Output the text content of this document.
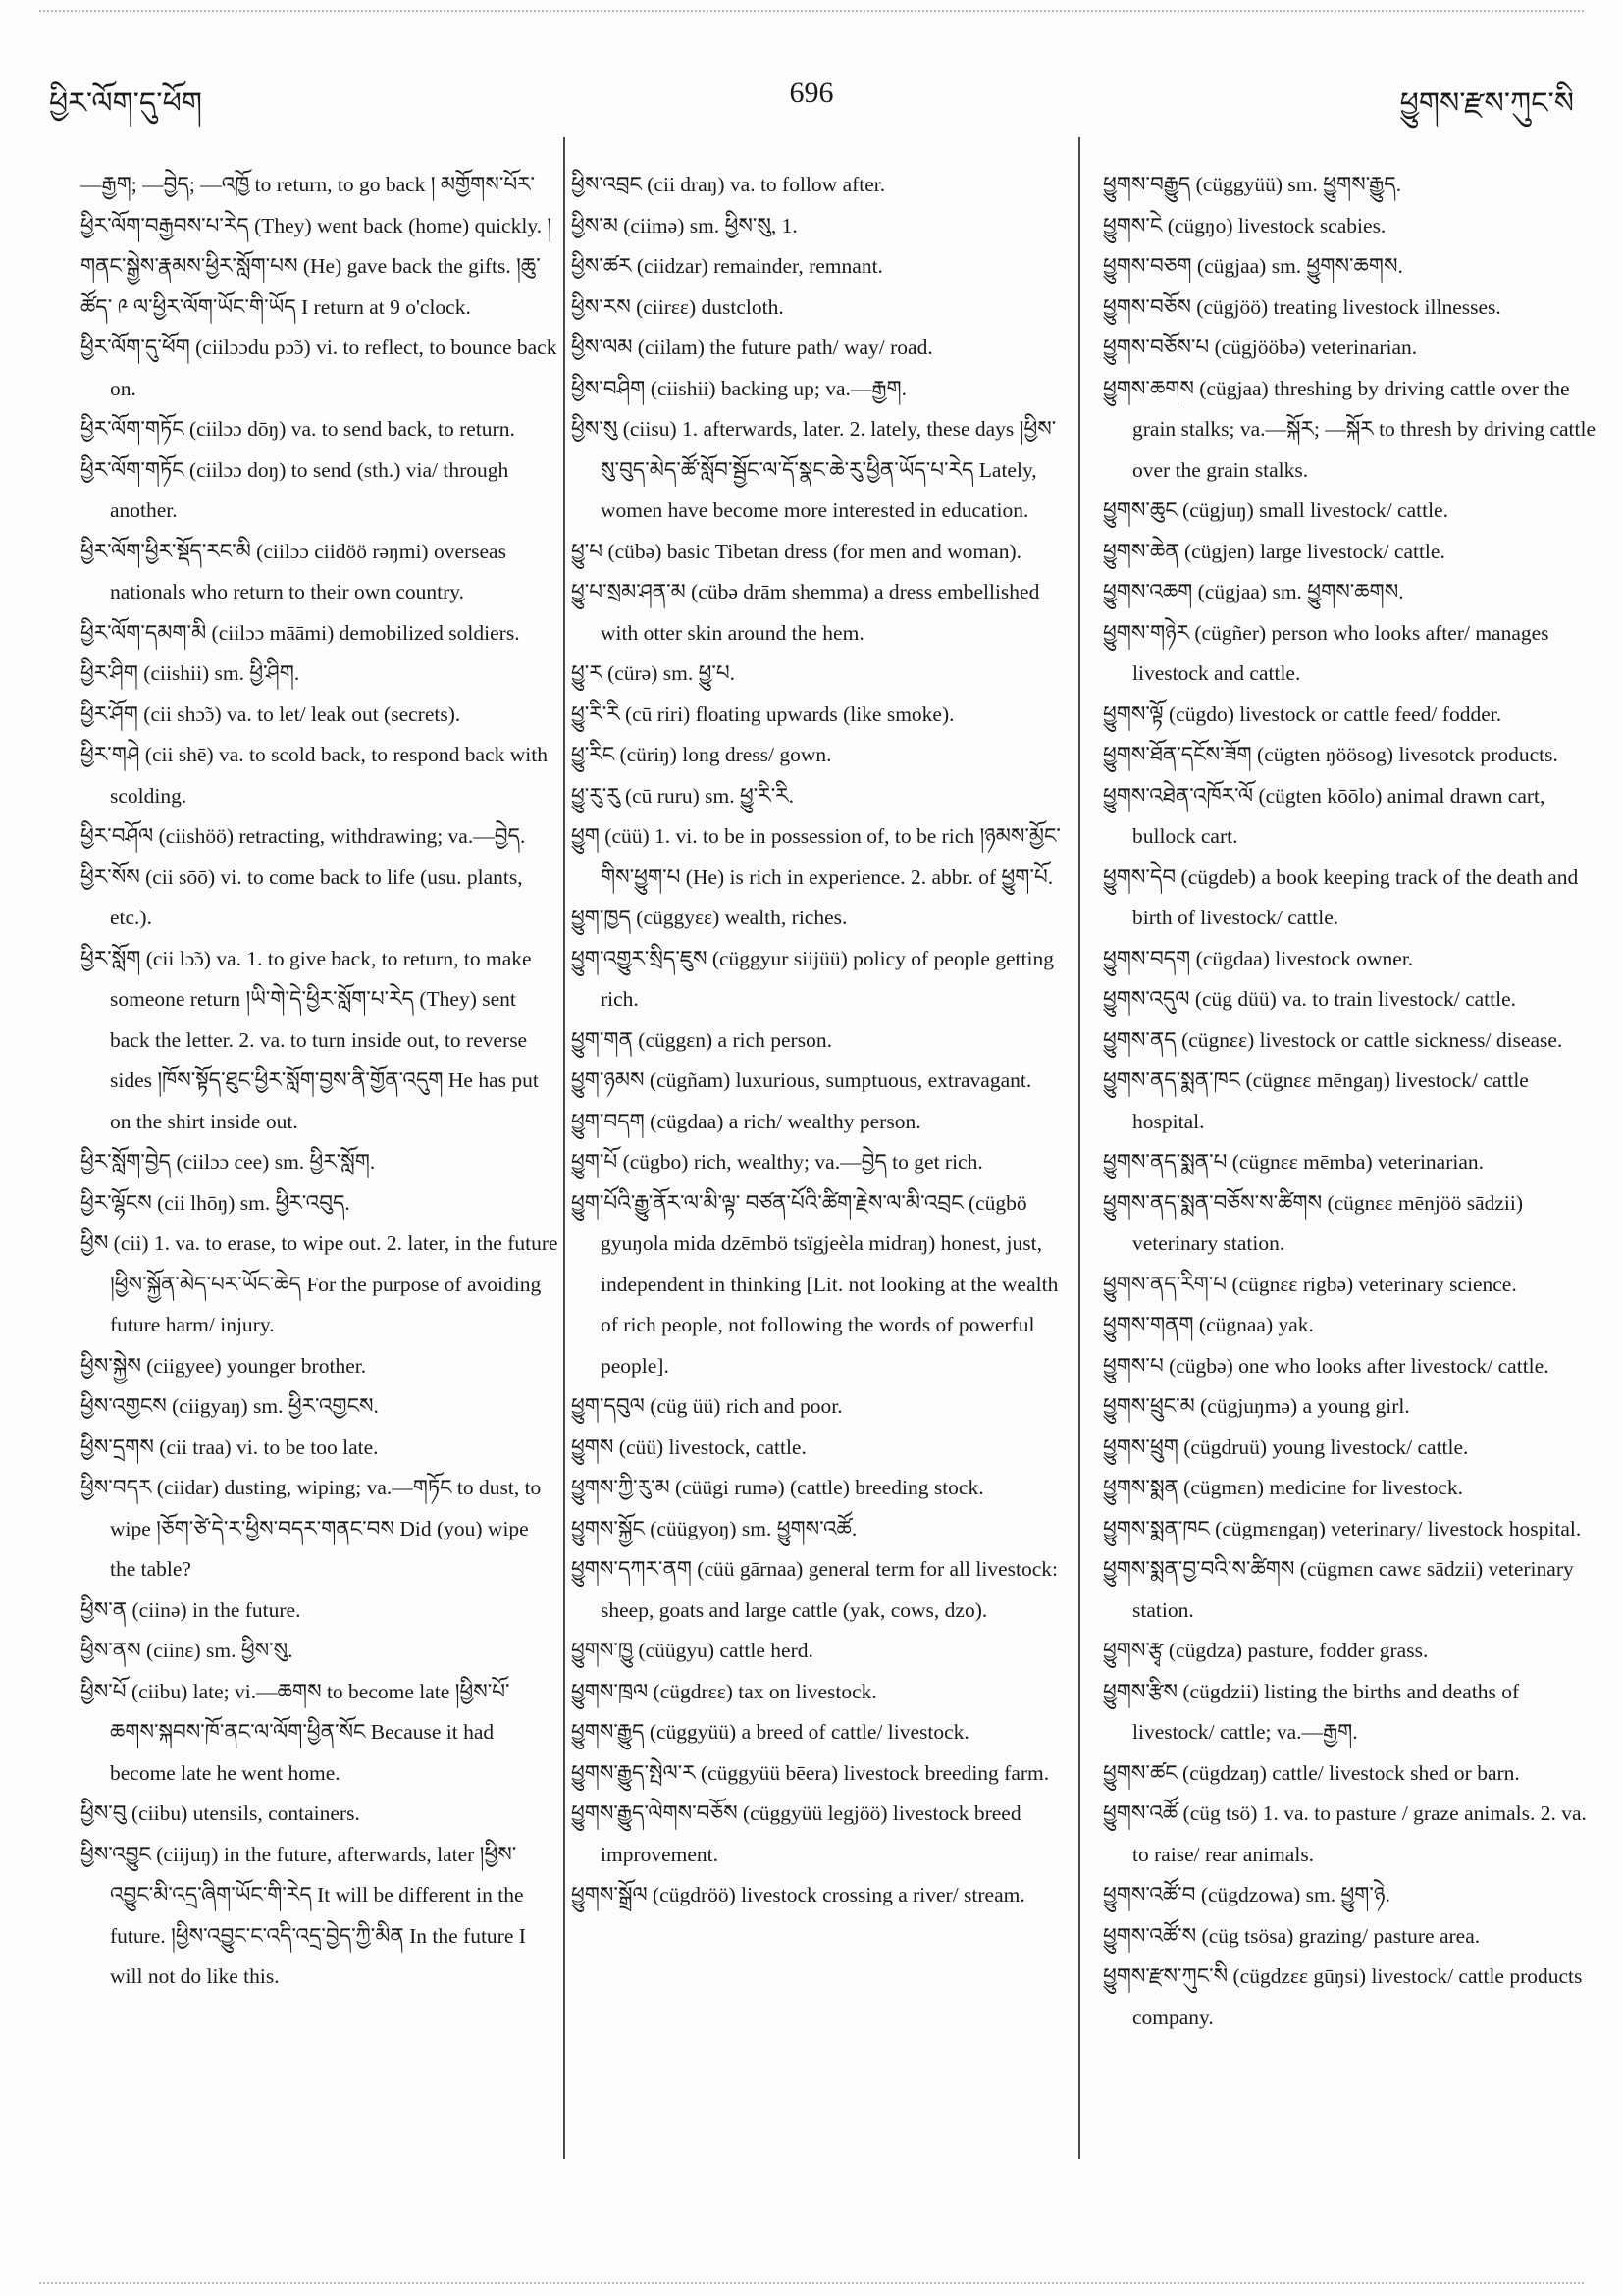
ཕྱིར་ལོག་དུ་ཕོག	696	ཕྱུགས་རྫས་ཀུང་སི

—རྒྱག; —བྱེད; —འཁྱོ to return, to go back ། མགྱོགས་པོར་ཕྱིར་ལོག་བརྒྱབས་པ་རེད (They) went back (home) quickly. །གནང་སྒྱེས་རྣམས་ཕྱིར་སློག་པས (He) gave back the gifts. །ཆུ་ཚོད་ ༩ ལ་ཕྱིར་ལོག་ཡོང་གི་ཡོད I return at 9 o'clock.

ཕྱིར་ལོག་དུ་ཕོག (ciilɔɔdu pɔ̃ɔ) vi. to reflect, to bounce back on.

ཕྱིར་ལོག་གཏོང (ciilɔɔ dōŋ) va. to send back, to return.

ཕྱིར་ལོག་གཏོང (ciilɔɔ doŋ) to send (sth.) via/ through another.

ཕྱིར་ལོག་ཕྱིར་སྡོད་རང་མི (ciilɔɔ ciidöö rəŋmi) overseas nationals who return to their own country.

ཕྱིར་ལོག་དམག་མི (ciilɔɔ māāmi) demobilized soldiers.

ཕྱིར་ཤིག (ciishii) sm. ཕྱི་ཤིག.

ཕྱིར་ཤོག (cii shɔ̃ɔ) va. to let/ leak out (secrets).

ཕྱིར་གཤེ (cii shē) va. to scold back, to respond back with scolding.

ཕྱིར་བཤོལ (ciishöö) retracting, withdrawing; va.—བྱེད.

ཕྱིར་སོས (cii sōō) vi. to come back to life (usu. plants, etc.).

ཕྱིར་སློག (cii lɔ̃ɔ) va. 1. to give back, to return, to make someone return །ཡི་གེ་དེ་ཕྱིར་སློག་པ་རེད (They) sent back the letter. 2. va. to turn inside out, to reverse sides །ཁོས་སྟོད་ཐུང་ཕྱིར་སློག་བྱས་ནི་གྱོན་འདུག He has put on the shirt inside out.

ཕྱིར་སློག་བྱེད (ciilɔɔ cee) sm. ཕྱིར་སློག.

ཕྱིར་ལྷོངས (cii lhōŋ) sm. ཕྱིར་འབུད.

ཕྱིས (cii) 1. va. to erase, to wipe out. 2. later, in the future །ཕྱིས་སྐྱོན་མེད་པར་ཡོང་ཆེད For the purpose of avoiding future harm/ injury.

ཕྱིས་སྐྱེས (ciigyee) younger brother.

ཕྱིས་འགྱངས (ciigyaŋ) sm. ཕྱིར་འགྱངས.

ཕྱིས་དྲགས (cii traa) vi. to be too late.

ཕྱིས་བདར (ciidar) dusting, wiping; va.—གཏོང to dust, to wipe །ཅོག་ཙེ་དེ་ར་ཕྱིས་བདར་གནང་བས Did (you) wipe the table?

ཕྱིས་ན (ciinə) in the future.

ཕྱིས་ནས (ciinɛ) sm. ཕྱིས་སུ.

ཕྱིས་པོ (ciibu) late; vi.—ཆགས to become late །ཕྱིས་པོ་ཆགས་སྐབས་ཁོ་ནང་ལ་ལོག་ཕྱིན་སོང Because it had become late he went home.

ཕྱིས་བུ (ciibu) utensils, containers.

ཕྱིས་འབྱུང (ciijuŋ) in the future, afterwards, later །ཕྱིས་འབྱུང་མི་འདྲ་ཞིག་ཡོང་གི་རེད It will be different in the future. །ཕྱིས་འབྱུང་ང་འདི་འདྲ་བྱེད་ཀྱི་མིན In the future I will not do like this.

ཕྱིས་འབྲང (cii draŋ) va. to follow after.

ཕྱིས་མ (ciimə) sm. ཕྱིས་སུ, 1.

ཕྱིས་ཚར (ciidzar) remainder, remnant.

ཕྱིས་རས (ciirɛɛ) dustcloth.

ཕྱིས་ལམ (ciilam) the future path/ way/ road.

ཕྱིས་བཤིག (ciishii) backing up; va.—རྒྱག.

ཕྱིས་སུ (ciisu) 1. afterwards, later. 2. lately, these days །ཕྱིས་སུ་བུད་མེད་ཚོ་སློབ་སྦྱོང་ལ་དོ་སྣང་ཆེ་རུ་ཕྱིན་ཡོད་པ་རེད Lately, women have become more interested in education.

ཕྱུ་པ (cübə) basic Tibetan dress (for men and woman).

ཕྱུ་པ་སྲམ་ཤན་མ (cübə drām shemma) a dress embellished with otter skin around the hem.

ཕྱུ་ར (cürə) sm. ཕྱུ་པ.

ཕྱུ་རི་རི (cū riri) floating upwards (like smoke).

ཕྱུ་རིང (cüriŋ) long dress/ gown.

ཕྱུ་རུ་རུ (cū ruru) sm. ཕྱུ་རི་རི.

ཕྱུག (cüü) 1. vi. to be in possession of, to be rich །ཉམས་མྱོང་གིས་ཕྱུག་པ (He) is rich in experience. 2. abbr. of ཕྱུག་པོ.

ཕྱུག་ཁྱད (cüggyɛɛ) wealth, riches.

ཕྱུག་འགྱུར་སྲིད་ཇུས (cüggyur siijüü) policy of people getting rich.

ཕྱུག་གན (cüggɛn) a rich person.

ཕྱུག་ཉམས (cügñam) luxurious, sumptuous, extravagant.

ཕྱུག་བདག (cügdaa) a rich/ wealthy person.

ཕྱུག་པོ (cügbo) rich, wealthy; va.—བྱེད to get rich.

ཕྱུག་པོའི་རྒྱུ་ནོར་ལ་མི་ལྟ་ བཙན་པོའི་ཚིག་རྗེས་ལ་མི་འབྲང (cügbö gyuŋola mida dzēmbö tsïgjeèla midraŋ) honest, just, independent in thinking [Lit. not looking at the wealth of rich people, not following the words of powerful people].

ཕྱུག་དབུལ (cüg üü) rich and poor.

ཕྱུགས (cüü) livestock, cattle.

ཕྱུགས་ཀྱི་རུ་མ (cüügi rumə) (cattle) breeding stock.

ཕྱུགས་སྐྱོང (cüügyoŋ) sm. ཕྱུགས་འཚོ.

ཕྱུགས་དཀར་ནག (cüü gārnaa) general term for all livestock: sheep, goats and large cattle (yak, cows, dzo).

ཕྱུགས་ཁྱུ (cüügyu) cattle herd.

ཕྱུགས་ཁྲལ (cügdrɛɛ) tax on livestock.

ཕྱུགས་རྒྱུད (cüggyüü) a breed of cattle/ livestock.

ཕྱུགས་རྒྱུད་སྤེལ་ར (cüggyüü bēera) livestock breeding farm.

ཕྱུགས་རྒྱུད་ལེགས་བཅོས (cüggyüü legjöö) livestock breed improvement.

ཕྱུགས་སྒྲོལ (cügdröö) livestock crossing a river/ stream.

ཕྱུགས་བརྒྱུད (cüggyüü) sm. ཕྱུགས་རྒྱུད.

ཕྱུགས་ངེ (cügŋo) livestock scabies.

ཕྱུགས་བཅག (cügjaa) sm. ཕྱུགས་ཆགས.

ཕྱུགས་བཅོས (cügjöö) treating livestock illnesses.

ཕྱུགས་བཅོས་པ (cügjööbə) veterinarian.

ཕྱུགས་ཆགས (cügjaa) threshing by driving cattle over the grain stalks; va.—སྐོར; —སྐོར to thresh by driving cattle over the grain stalks.

ཕྱུགས་ཆུང (cügjuŋ) small livestock/ cattle.

ཕྱུགས་ཆེན (cügjen) large livestock/ cattle.

ཕྱུགས་འཆག (cügjaa) sm. ཕྱུགས་ཆགས.

ཕྱུགས་གཉེར (cügñer) person who looks after/ manages livestock and cattle.

ཕྱུགས་ལྟོ (cügdo) livestock or cattle feed/ fodder.

ཕྱུགས་ཐོན་དངོས་ཟོག (cügten ŋöösog) livesotck products.

ཕྱུགས་འཐེན་འཁོར་ལོ (cügten kōōlo) animal drawn cart, bullock cart.

ཕྱུགས་དེབ (cügdeb) a book keeping track of the death and birth of livestock/ cattle.

ཕྱུགས་བདག (cügdaa) livestock owner.

ཕྱུགས་འདུལ (cüg düü) va. to train livestock/ cattle.

ཕྱུགས་ནད (cügnɛɛ) livestock or cattle sickness/ disease.

ཕྱུགས་ནད་སྨན་ཁང (cügnɛɛ mēngaŋ) livestock/ cattle hospital.

ཕྱུགས་ནད་སྨན་པ (cügnɛɛ mēmba) veterinarian.

ཕྱུགས་ནད་སྨན་བཅོས་ས་ཚིགས (cügnɛɛ mēnjöö sādzii) veterinary station.

ཕྱུགས་ནད་རིག་པ (cügnɛɛ rigbə) veterinary science.

ཕྱུགས་གནག (cügnaa) yak.

ཕྱུགས་པ (cügbə) one who looks after livestock/ cattle.

ཕྱུགས་ཕྲུང་མ (cügjuŋmə) a young girl.

ཕྱུགས་ཕྲུག (cügdruü) young livestock/ cattle.

ཕྱུགས་སྨན (cügmɛn) medicine for livestock.

ཕྱུགས་སྨན་ཁང (cügmɛngaŋ) veterinary/ livestock hospital.

ཕྱུགས་སྨན་བྱ་བའི་ས་ཚིགས (cügmɛn cawɛ sādzii) veterinary station.

ཕྱུགས་རྩྭ (cügdza) pasture, fodder grass.

ཕྱུགས་རྩིས (cügdzii) listing the births and deaths of livestock/ cattle; va.—རྒྱག.

ཕྱུགས་ཚང (cügdzaŋ) cattle/ livestock shed or barn.

ཕྱུགས་འཚོ (cüg tsö) 1. va. to pasture / graze animals. 2. va. to raise/ rear animals.

ཕྱུགས་འཚོ་བ (cügdzowa) sm. ཕྱུག་ཉེ.

ཕྱུགས་འཚོ་ས (cüg tsösa) grazing/ pasture area.

ཕྱུགས་རྫས་ཀུང་སི (cügdzɛɛ gūŋsi) livestock/ cattle products company.
